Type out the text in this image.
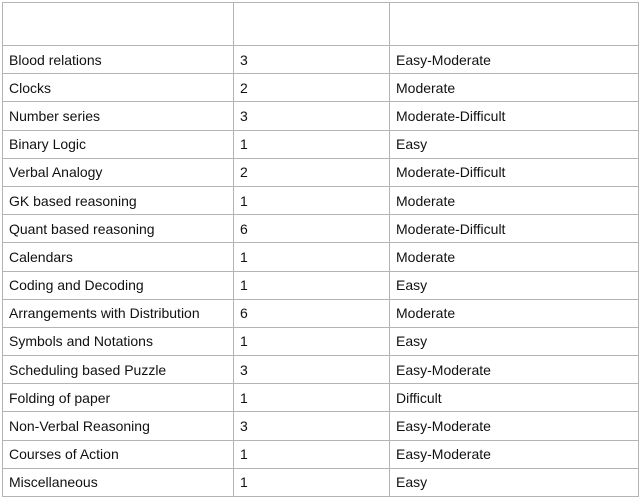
Blood relations	3	Easy-Moderate
Clocks	2	Moderate
Number series	3	Moderate-Difficult
Binary Logic	1	Easy
Verbal Analogy	2	Moderate-Difficult
GK based reasoning	1	Moderate
Quant based reasoning	6	Moderate-Difficult
Calendars	1	Moderate
Coding and Decoding	1	Easy
Arrangements with Distribution	6	Moderate
Symbols and Notations	1	Easy
Scheduling based Puzzle	3	Easy-Moderate
Folding of paper	1	Difficult
Non-Verbal Reasoning	3	Easy-Moderate
Courses of Action	1	Easy-Moderate
Miscellaneous	1	Easy
